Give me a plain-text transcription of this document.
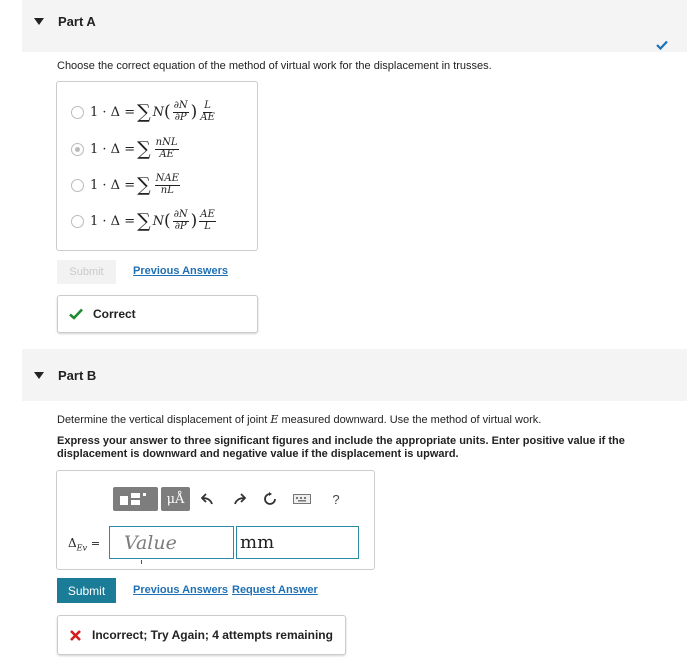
Part A
Choose the correct equation of the method of virtual work for the displacement in trusses.
1 · Δ = ∑ N ( $\frac{\partial N}{\partial P}$ ) $\frac{L}{AE}$
1 · Δ = ∑ $\frac{\text{nNL}}{AE}$
1 · Δ = ∑ $\frac{\text{NAE}}{nL}$
1 · Δ = ∑ N ( $\frac{\partial N}{\partial P}$ ) $\frac{AE}{L}$
Submit	Previous Answers
Correct
Part B
Determine the vertical displacement of joint E measured downward. Use the method of virtual work.
Express your answer to three significant figures and include the appropriate units. Enter positive value if the displacement is downward and negative value if the displacement is upward.
μÅ	?
$\Delta_{Ev}$ = Value	mm
Submit	Previous Answers Request Answer
Incorrect; Try Again; 4 attempts remaining
